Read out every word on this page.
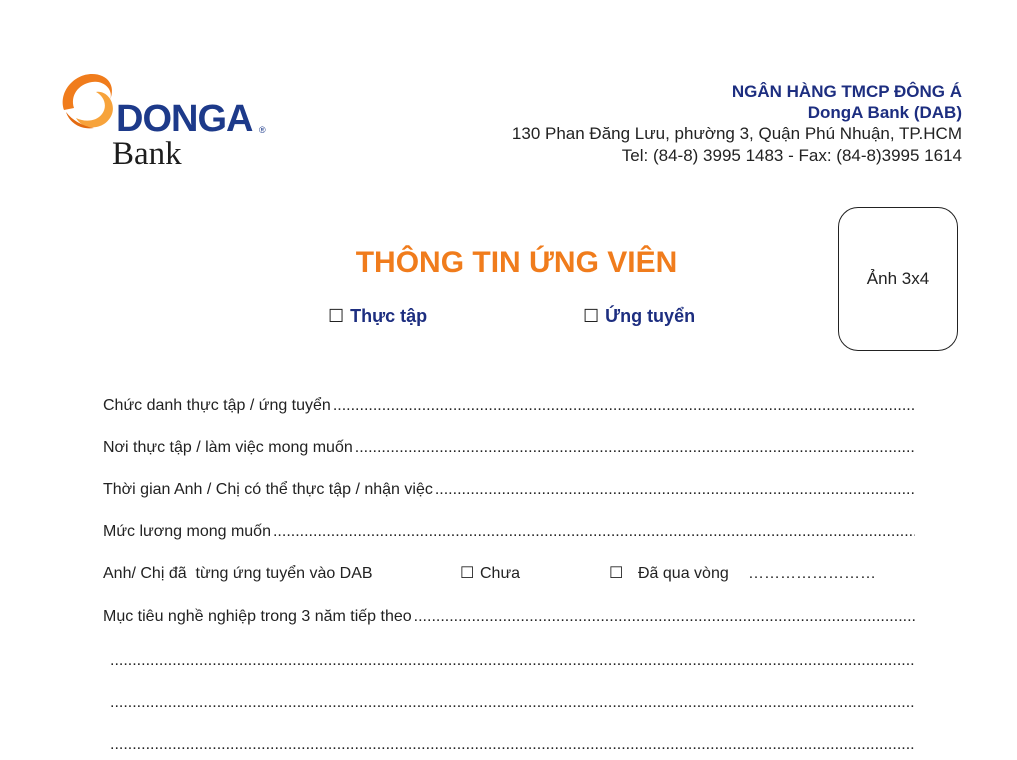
DONGA ®
Bank
NGÂN HÀNG TMCP ĐÔNG Á
DongA Bank (DAB)
130 Phan Đăng Lưu, phường 3, Quận Phú Nhuận, TP.HCM
Tel: (84-8) 3995 1483 - Fax: (84-8)3995 1614
THÔNG TIN ỨNG VIÊN
☐ Thực tập	☐ Ứng tuyển
Ảnh 3x4
Chức danh thực tập / ứng tuyển
.....
Nơi thực tập / làm việc mong muốn
.....
Thời gian Anh / Chị có thể thực tập / nhận việc
.....
Mức lương mong muốn
.....

Anh/ Chị đã  từng ứng tuyển vào DAB

	☐

Chưa

	☐

Đã qua vòng

……………………

Mục tiêu nghề nghiệp trong 3 năm tiếp theo
.....
.....
.....
.....
